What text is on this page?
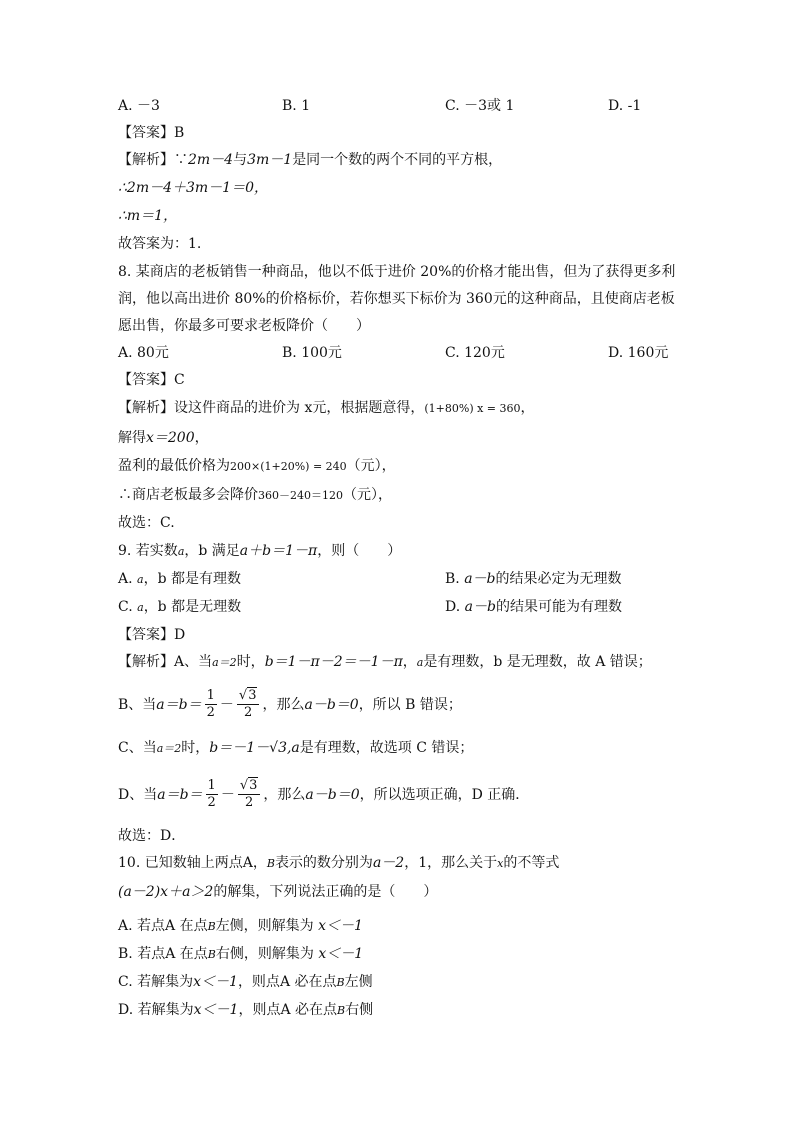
A. －3	B. 1	C. －3或 1	D. -1
【答案】B
【解析】∵2m－4与3m－1是同一个数的两个不同的平方根，
∴2m－4＋3m－1＝0，
∴m＝1，
故答案为：1.
8. 某商店的老板销售一种商品，他以不低于进价 20%的价格才能出售，但为了获得更多利
润，他以高出进价 80%的价格标价，若你想买下标价为 360元的这种商品，且使商店老板
愿出售，你最多可要求老板降价（　　）
A. 80元	B. 100元	C. 120元	D. 160元
【答案】C
【解析】设这件商品的进价为 x元，根据题意得，(1+80%) x = 360，
解得x＝200，
盈利的最低价格为200×(1+20%) = 240（元），
∴商店老板最多会降价360－240＝120（元），
故选：C.
9. 若实数a，b 满足a＋b＝1－π，则（　　）
A. a，b 都是有理数	B. a－b的结果必定为无理数
C. a，b 都是无理数	D. a－b的结果可能为有理数
【答案】D
【解析】A、当a＝2时，b＝1－π－2＝－1－π，a是有理数，b 是无理数，故 A 错误；
B、当 $a=b= \frac{1}{2} - \frac{√3}{2}$ ，那么 a－b＝0 ，所以 B 错误；
C、当a＝2时，b＝－1－√3,a是有理数，故选项 C 错误；
D、当 $a=b= \frac{1}{2} - \frac{√3}{2}$ ，那么 a－b＝0 ，所以选项正确，D 正确．
故选：D．
10. 已知数轴上两点A，B表示的数分别为a－2，1，那么关于x的不等式
(a－2)x＋a＞2的解集，下列说法正确的是（　　）
A. 若点A 在点B左侧，则解集为 x＜－1
B. 若点A 在点B右侧，则解集为 x＜－1
C. 若解集为x＜－1，则点A 必在点B左侧
D. 若解集为x＜－1，则点A 必在点B右侧
